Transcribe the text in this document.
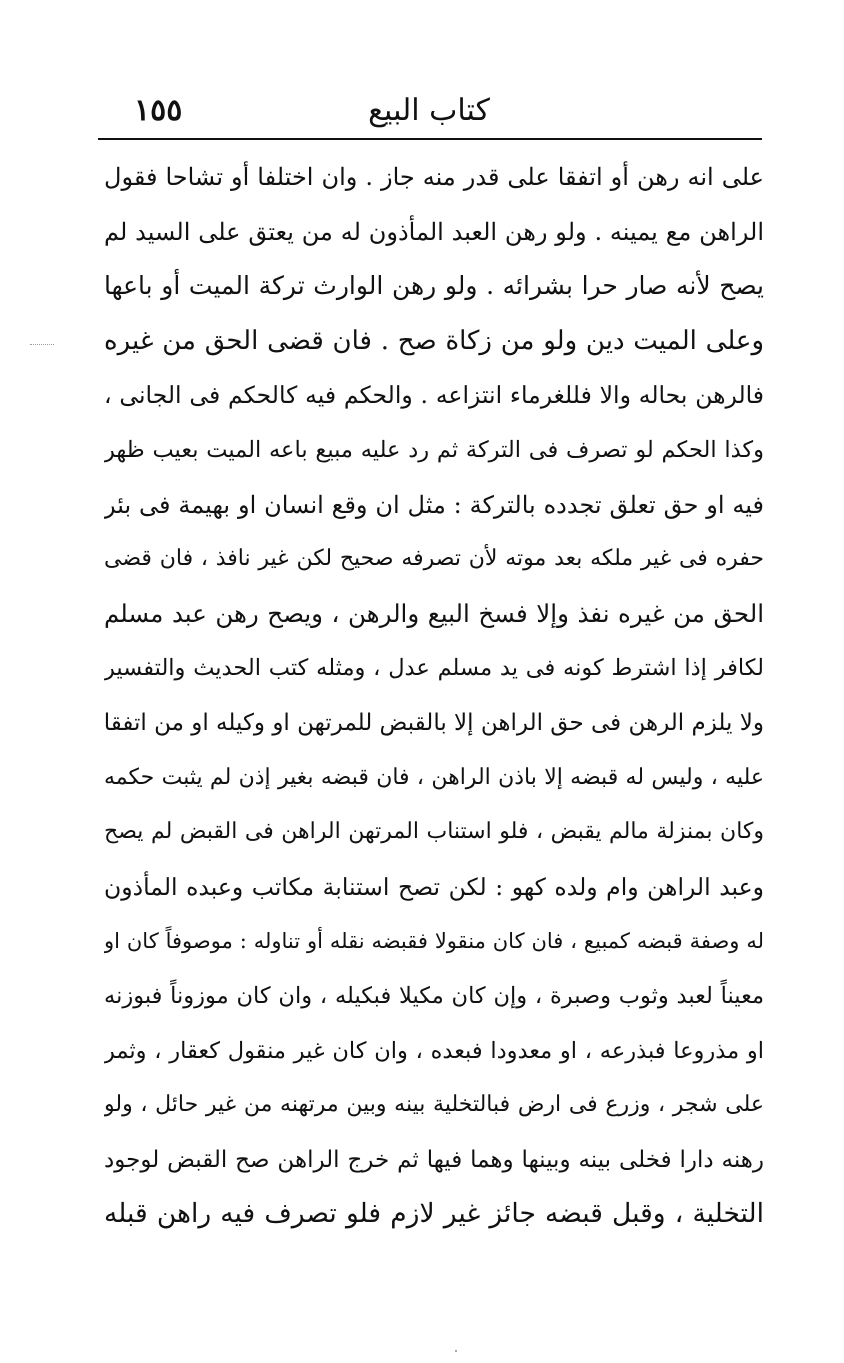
١٥٥	كتاب البيع
على انه رهن أو اتفقا على قدر منه جاز . وان اختلفا أو تشاحا فقول
الراهن مع يمينه . ولو رهن العبد المأذون له من يعتق على السيد لم
يصح لأنه صار حرا بشرائه . ولو رهن الوارث تركة الميت أو باعها
وعلى الميت دين ولو من زكاة صح . فان قضى الحق من غيره
فالرهن بحاله والا فللغرماء انتزاعه . والحكم فيه كالحكم فى الجانى ،
وكذا الحكم لو تصرف فى التركة ثم رد عليه مبيع باعه الميت بعيب ظهر
فيه او حق تعلق تجدده بالتركة : مثل ان وقع انسان او بهيمة فى بئر
حفره فى غير ملكه بعد موته لأن تصرفه صحيح لكن غير نافذ ، فان قضى
الحق من غيره نفذ وإلا فسخ البيع والرهن ، ويصح رهن عبد مسلم
لكافر إذا اشترط كونه فى يد مسلم عدل ، ومثله كتب الحديث والتفسير
ولا يلزم الرهن فى حق الراهن إلا بالقبض للمرتهن او وكيله او من اتفقا
عليه ، وليس له قبضه إلا باذن الراهن ، فان قبضه بغير إذن لم يثبت حكمه
وكان بمنزلة مالم يقبض ، فلو استناب المرتهن الراهن فى القبض لم يصح
وعبد الراهن وام ولده كهو : لكن تصح استنابة مكاتب وعبده المأذون
له وصفة قبضه كمبيع ، فان كان منقولا فقبضه نقله أو تناوله : موصوفاً كان او
معيناً لعبد وثوب وصبرة ، وإن كان مكيلا فبكيله ، وان كان موزوناً فبوزنه
او مذروعا فبذرعه ، او معدودا فبعده ، وان كان غير منقول كعقار ، وثمر
على شجر ، وزرع فى ارض فبالتخلية بينه وبين مرتهنه من غير حائل ، ولو
رهنه دارا فخلى بينه وبينها وهما فيها ثم خرج الراهن صح القبض لوجود
التخلية ، وقبل قبضه جائز غير لازم فلو تصرف فيه راهن قبله
